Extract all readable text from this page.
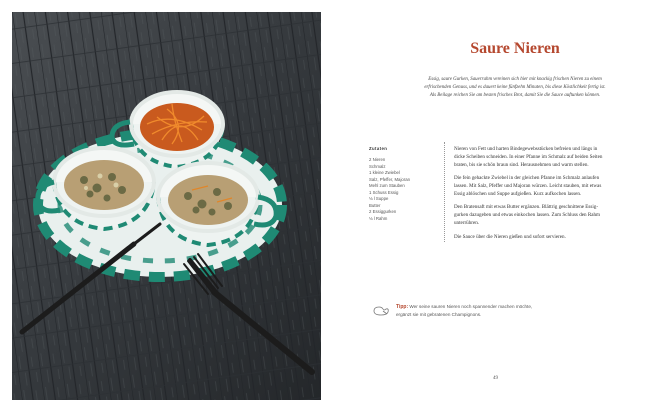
Saure Nieren
Essig, saure Gurken, Sauerrahm vereinen sich hier mit knackig frischen Nieren zu einem
erfrischenden Genuss, und es dauert keine fünfzehn Minuten, bis diese Köstlichkeit fertig ist.
Als Beilage reichen Sie am besten frisches Brot, damit Sie die Sauce auftunken können.
Zutaten
2 Nieren
Schmalz
1 kleine Zwiebel
Salz, Pfeffer, Majoran
Mehl zum Stauben
1 Schuss Essig
⅛ l Suppe
Butter
2 Essiggurken
⅛ l Rahm

Nieren von Fett und harten Bindegewebsstücken befreien und längs in
dicke Scheiben schneiden. In einer Pfanne im Schmalz auf beiden Seiten
braten, bis sie schön braun sind. Herausnehmen und warm stellen.

Die fein gehackte Zwiebel in der gleichen Pfanne im Schmalz anlaufen
lassen. Mit Salz, Pfeffer und Majoran würzen. Leicht stauben, mit etwas
Essig ablöschen und Suppe aufgießen. Kurz aufkochen lassen.

Den Bratensaft mit etwas Butter ergänzen. Blättrig geschnittene Essig-
gurken dazugeben und etwas einkochen lassen. Zum Schluss den Rahm
unterrühren.

Die Sauce über die Nieren gießen und sofort servieren.

Tipp: Wer seine sauren Nieren noch spannender machen möchte,
ergänzt sie mit gebratenen Champignons.
49
